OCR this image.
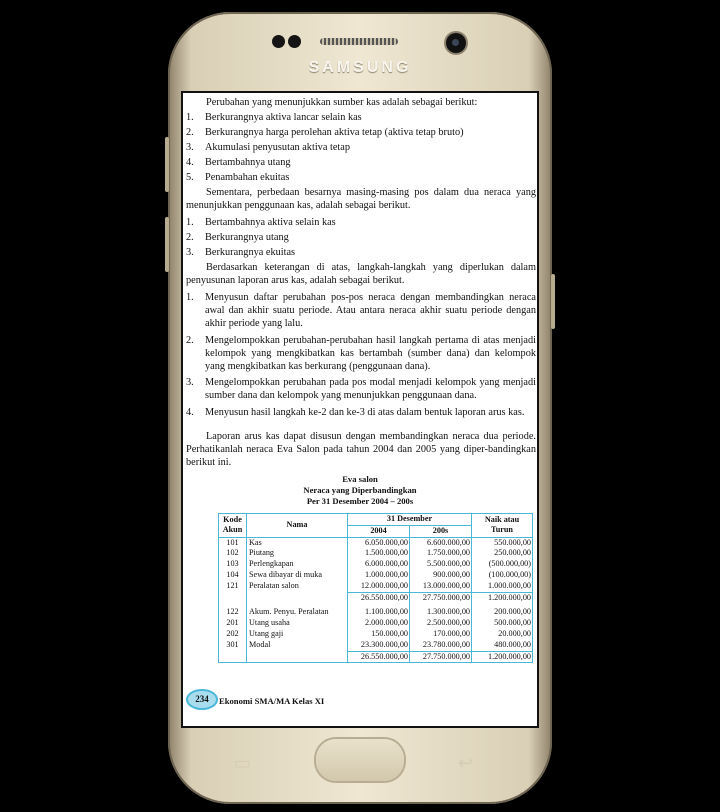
SAMSUNG
Perubahan yang menunjukkan sumber kas adalah sebagai berikut:
1. Berkurangnya aktiva lancar selain kas
2. Berkurangnya harga perolehan aktiva tetap (aktiva tetap bruto)
3. Akumulasi penyusutan aktiva tetap
4. Bertambahnya utang
5. Penambahan ekuitas
Sementara, perbedaan besarnya masing-masing pos dalam dua neraca yang menunjukkan penggunaan kas, adalah sebagai berikut.
1. Bertambahnya aktiva selain kas
2. Berkurangnya utang
3. Berkurangnya ekuitas
Berdasarkan keterangan di atas, langkah-langkah yang diperlukan dalam penyusunan laporan arus kas, adalah sebagai berikut.
1. Menyusun daftar perubahan pos-pos neraca dengan membandingkan neraca awal dan akhir suatu periode. Atau antara neraca akhir suatu periode dengan akhir periode yang lalu.
2. Mengelompokkan perubahan-perubahan hasil langkah pertama di atas menjadi kelompok yang mengkibatkan kas bertambah (sumber dana) dan kelompok yang mengkibatkan kas berkurang (penggunaan dana).
3. Mengelompokkan perubahan pada pos modal menjadi kelompok yang menjadi sumber dana dan kelompok yang menunjukkan penggunaan dana.
4. Menyusun hasil langkah ke-2 dan ke-3 di atas dalam bentuk laporan arus kas.
Laporan arus kas dapat disusun dengan membandingkan neraca dua periode. Perhatikanlah neraca Eva Salon pada tahun 2004 dan 2005 yang diper-bandingkan berikut ini.
Eva salon
Neraca yang Diperbandingkan
Per 31 Desember 2004 – 200s
Kode
Akun	Nama	31 Desember		Naik atau
Turun
		2004	200s	
101	Kas	6.050.000,00	6.600.000,00	550.000,00
102	Piutang	1.500.000,00	1.750.000,00	250.000,00
103	Perlengkapan	6.000.000,00	5.500.000,00	(500.000,00)
104	Sewa dibayar di muka	1.000.000,00	900.000,00	(100.000,00)
121	Peralatan salon	12.000.000,00	13.000.000,00	1.000.000,00
		26.550.000,00	27.750.000,00	1.200.000,00

122	Akum. Penyu. Peralatan	1.100.000,00	1.300.000,00	200.000,00
201	Utang usaha	2.000.000,00	2.500.000,00	500.000,00
202	Utang gaji	150.000,00	170.000,00	20.000,00
301	Modal	23.300.000,00	23.780.000,00	480.000,00
		26.550.000,00	27.750.000,00	1.200.000,00
234	Ekonomi SMA/MA Kelas XI
▭	↩
